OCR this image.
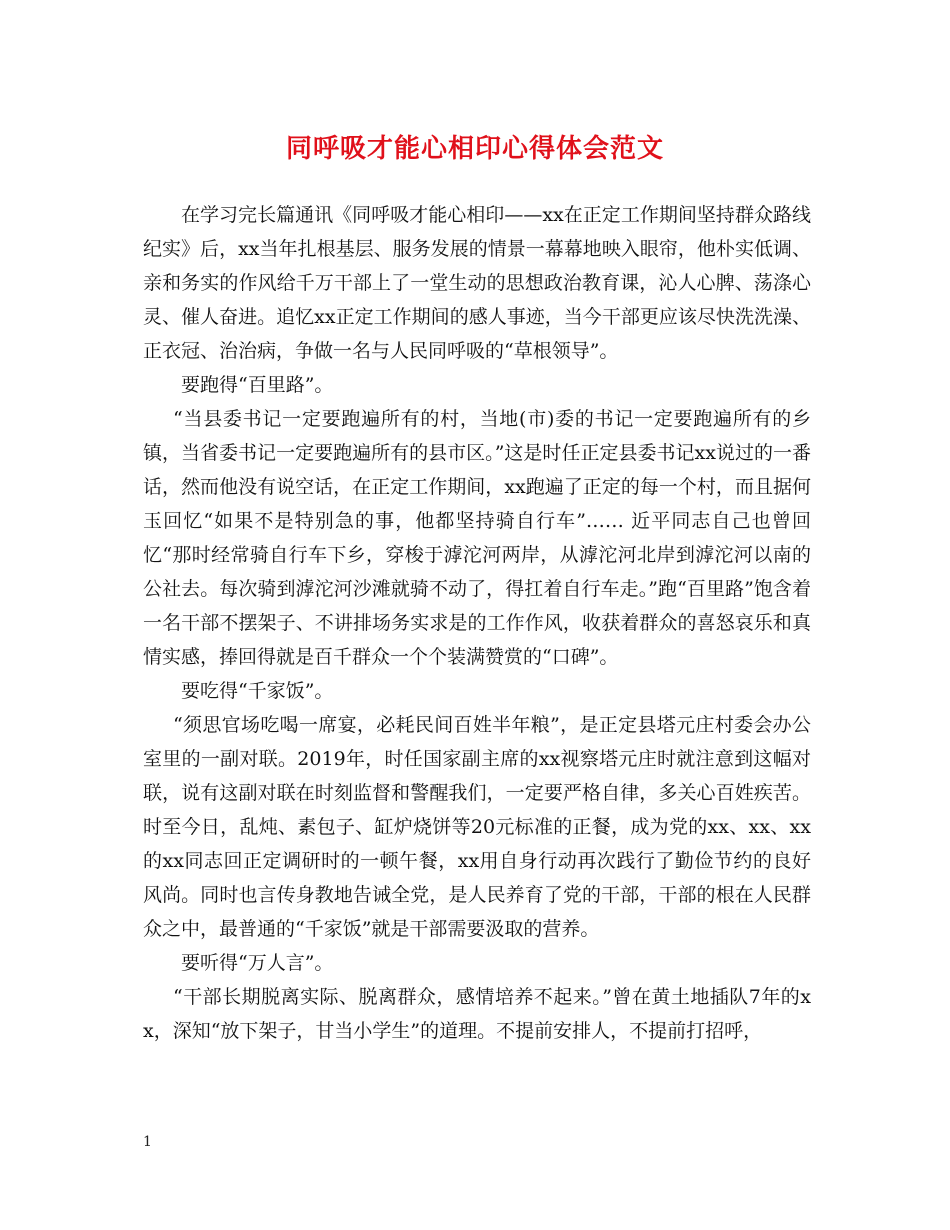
同呼吸才能心相印心得体会范文

在学习完长篇通讯《同呼吸才能心相印——xx在正定工作期间坚持群众路线纪实》后，xx当年扎根基层、服务发展的情景一幕幕地映入眼帘，他朴实低调、亲和务实的作风给千万干部上了一堂生动的思想政治教育课，沁人心脾、荡涤心灵、催人奋进。追忆xx正定工作期间的感人事迹，当今干部更应该尽快洗洗澡、正衣冠、治治病，争做一名与人民同呼吸的“草根领导”。

要跑得“百里路”。

“当县委书记一定要跑遍所有的村，当地(市)委的书记一定要跑遍所有的乡镇，当省委书记一定要跑遍所有的县市区。”这是时任正定县委书记xx说过的一番话，然而他没有说空话，在正定工作期间，xx跑遍了正定的每一个村，而且据何玉回忆“如果不是特别急的事，他都坚持骑自行车”…… 近平同志自己也曾回忆“那时经常骑自行车下乡，穿梭于滹沱河两岸，从滹沱河北岸到滹沱河以南的公社去。每次骑到滹沱河沙滩就骑不动了，得扛着自行车走。”跑“百里路”饱含着一名干部不摆架子、不讲排场务实求是的工作作风，收获着群众的喜怒哀乐和真情实感，捧回得就是百千群众一个个装满赞赏的“口碑”。

要吃得“千家饭”。

“须思官场吃喝一席宴，必耗民间百姓半年粮”，是正定县塔元庄村委会办公室里的一副对联。2019年，时任国家副主席的xx视察塔元庄时就注意到这幅对联，说有这副对联在时刻监督和警醒我们，一定要严格自律，多关心百姓疾苦。时至今日，乱炖、素包子、缸炉烧饼等20元标准的正餐，成为党的xx、xx、xx的xx同志回正定调研时的一顿午餐，xx用自身行动再次践行了勤俭节约的良好风尚。同时也言传身教地告诫全党，是人民养育了党的干部，干部的根在人民群众之中，最普通的“千家饭”就是干部需要汲取的营养。

要听得“万人言”。

“干部长期脱离实际、脱离群众，感情培养不起来。”曾在黄土地插队7年的xx，深知“放下架子，甘当小学生”的道理。不提前安排人，不提前打招呼，

1
